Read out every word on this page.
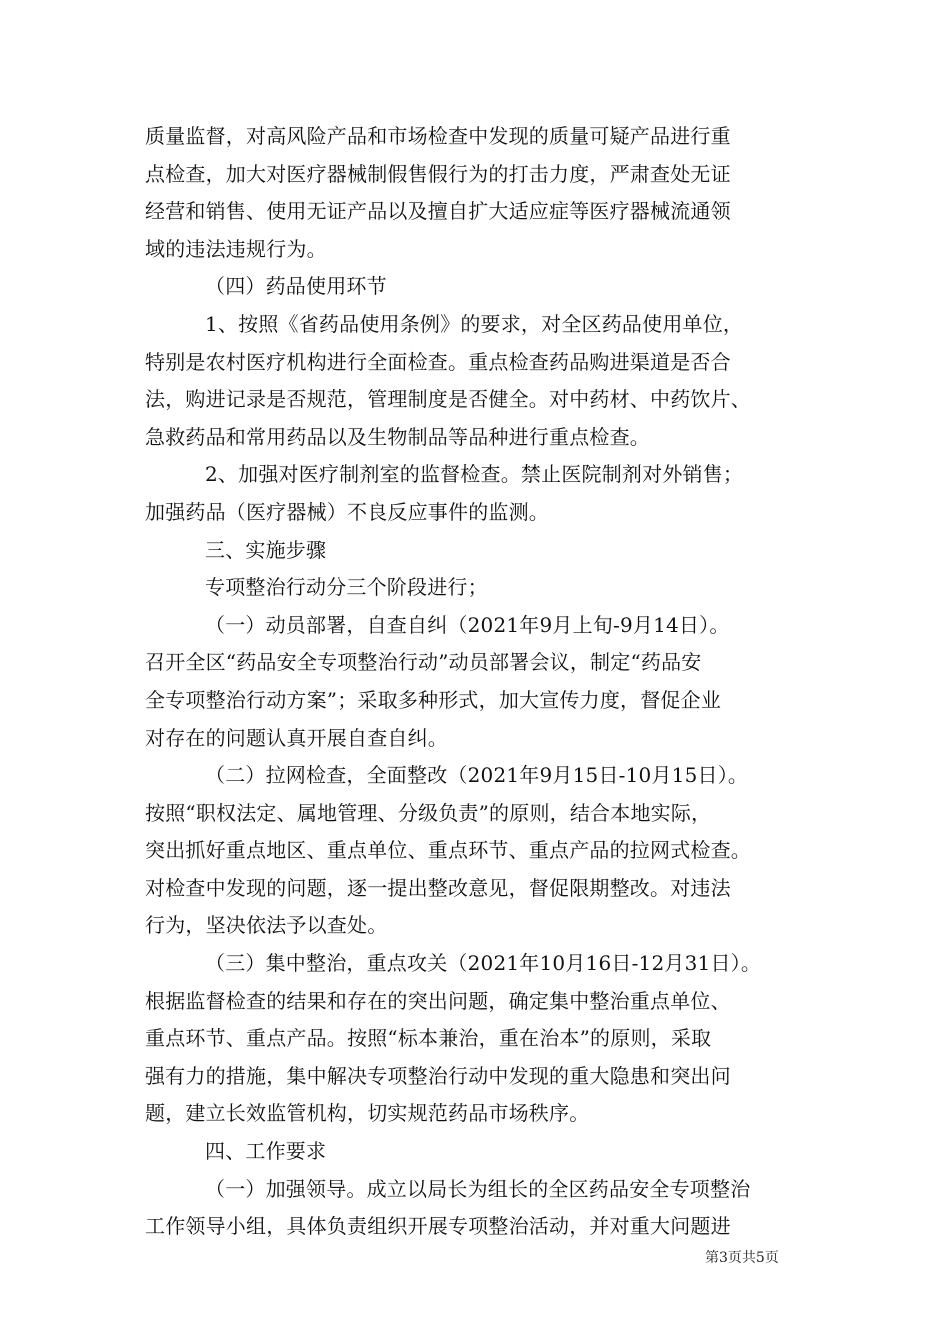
质量监督，对高风险产品和市场检查中发现的质量可疑产品进行重
点检查，加大对医疗器械制假售假行为的打击力度，严肃查处无证
经营和销售、使用无证产品以及擅自扩大适应症等医疗器械流通领
域的违法违规行为。
（四）药品使用环节
1、按照《省药品使用条例》的要求，对全区药品使用单位，
特别是农村医疗机构进行全面检查。重点检查药品购进渠道是否合
法，购进记录是否规范，管理制度是否健全。对中药材、中药饮片、
急救药品和常用药品以及生物制品等品种进行重点检查。
2、加强对医疗制剂室的监督检查。禁止医院制剂对外销售；
加强药品（医疗器械）不良反应事件的监测。
三、实施步骤
专项整治行动分三个阶段进行；
（一）动员部署，自查自纠（2021年9月上旬-9月14日）。
召开全区“药品安全专项整治行动”动员部署会议，制定“药品安
全专项整治行动方案”；采取多种形式，加大宣传力度，督促企业
对存在的问题认真开展自查自纠。
（二）拉网检查，全面整改（2021年9月15日-10月15日）。
按照“职权法定、属地管理、分级负责”的原则，结合本地实际，
突出抓好重点地区、重点单位、重点环节、重点产品的拉网式检查。
对检查中发现的问题，逐一提出整改意见，督促限期整改。对违法
行为，坚决依法予以查处。
（三）集中整治，重点攻关（2021年10月16日-12月31日）。
根据监督检查的结果和存在的突出问题，确定集中整治重点单位、
重点环节、重点产品。按照“标本兼治，重在治本”的原则，采取
强有力的措施，集中解决专项整治行动中发现的重大隐患和突出问
题，建立长效监管机构，切实规范药品市场秩序。
四、工作要求
（一）加强领导。成立以局长为组长的全区药品安全专项整治
工作领导小组，具体负责组织开展专项整治活动，并对重大问题进
第3页共5页
